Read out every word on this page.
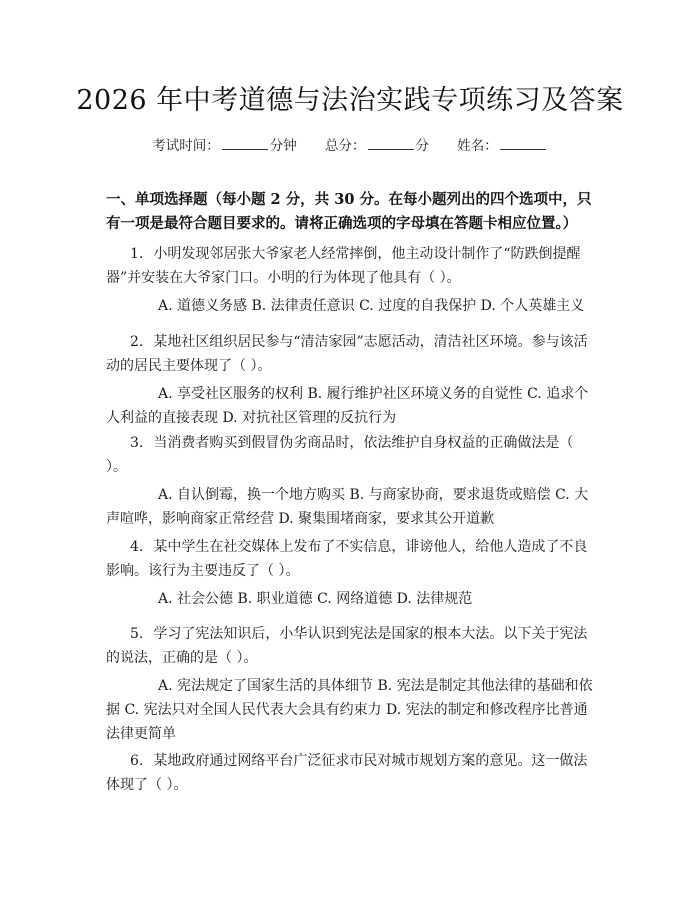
2026 年中考道德与法治实践专项练习及答案
考试时间：	分钟 总分：	分 姓名：
一、单项选择题（每小题 2 分，共 30 分。在每小题列出的四个选项中，只有一项是最符合题目要求的。请将正确选项的字母填在答题卡相应位置。）
1. 小明发现邻居张大爷家老人经常摔倒，他主动设计制作了“防跌倒提醒器”并安装在大爷家门口。小明的行为体现了他具有（ ）。
A. 道德义务感 B. 法律责任意识 C. 过度的自我保护 D. 个人英雄主义
2. 某地社区组织居民参与“清洁家园”志愿活动，清洁社区环境。参与该活动的居民主要体现了（ ）。
A. 享受社区服务的权利 B. 履行维护社区环境义务的自觉性 C. 追求个人利益的直接表现 D. 对抗社区管理的反抗行为
3. 当消费者购买到假冒伪劣商品时，依法维护自身权益的正确做法是（ ）。
A. 自认倒霉，换一个地方购买 B. 与商家协商，要求退货或赔偿 C. 大声喧哗，影响商家正常经营 D. 聚集围堵商家，要求其公开道歉
4. 某中学生在社交媒体上发布了不实信息，诽谤他人，给他人造成了不良影响。该行为主要违反了（ ）。
A. 社会公德 B. 职业道德 C. 网络道德 D. 法律规范
5. 学习了宪法知识后，小华认识到宪法是国家的根本大法。以下关于宪法的说法，正确的是（ ）。
A. 宪法规定了国家生活的具体细节 B. 宪法是制定其他法律的基础和依据 C. 宪法只对全国人民代表大会具有约束力 D. 宪法的制定和修改程序比普通法律更简单
6. 某地政府通过网络平台广泛征求市民对城市规划方案的意见。这一做法体现了（ ）。
